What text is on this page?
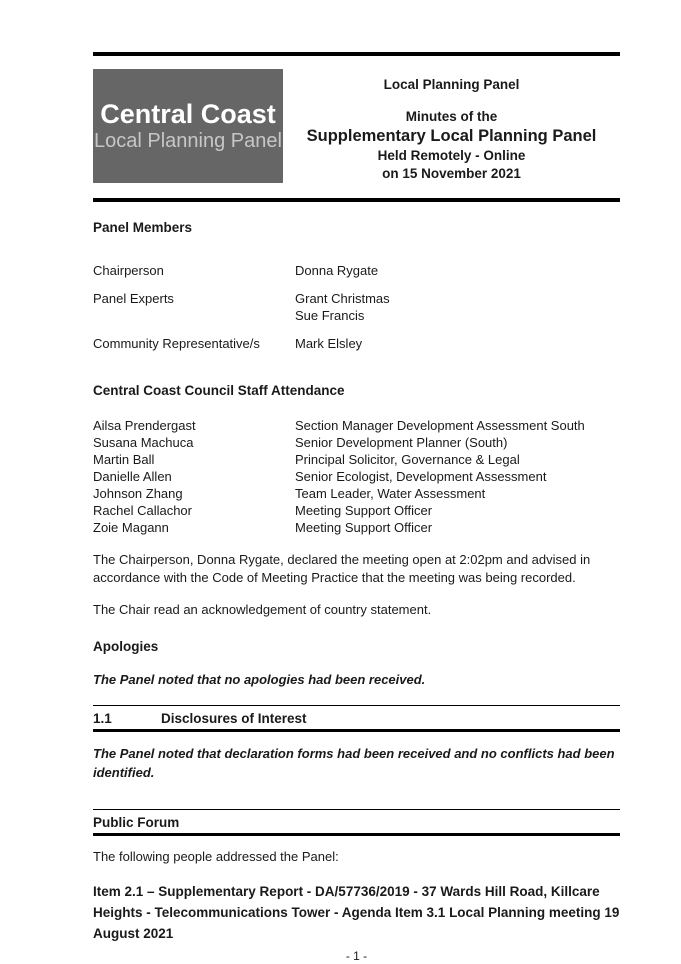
Central Coast
Local Planning Panel
Local Planning Panel
Minutes of the
Supplementary Local Planning Panel
Held Remotely - Online
on 15 November 2021
Panel Members
Chairperson	Donna Rygate
Panel Experts	Grant Christmas
Sue Francis
Community Representative/s	Mark Elsley
Central Coast Council Staff Attendance
Ailsa Prendergast	Section Manager Development Assessment South
Susana Machuca	Senior Development Planner (South)
Martin Ball	Principal Solicitor, Governance & Legal
Danielle Allen	Senior Ecologist, Development Assessment
Johnson Zhang	Team Leader, Water Assessment
Rachel Callachor	Meeting Support Officer
Zoie Magann	Meeting Support Officer

The Chairperson, Donna Rygate, declared the meeting open at 2:02pm and advised in accordance with the Code of Meeting Practice that the meeting was being recorded.

The Chair read an acknowledgement of country statement.

Apologies

The Panel noted that no apologies had been received.

1.1	Disclosures of Interest

The Panel noted that declaration forms had been received and no conflicts had been identified.

Public Forum

The following people addressed the Panel:

Item 2.1 – Supplementary Report - DA/57736/2019 - 37 Wards Hill Road, Killcare Heights - Telecommunications Tower - Agenda Item 3.1 Local Planning meeting 19 August 2021

- 1 -
